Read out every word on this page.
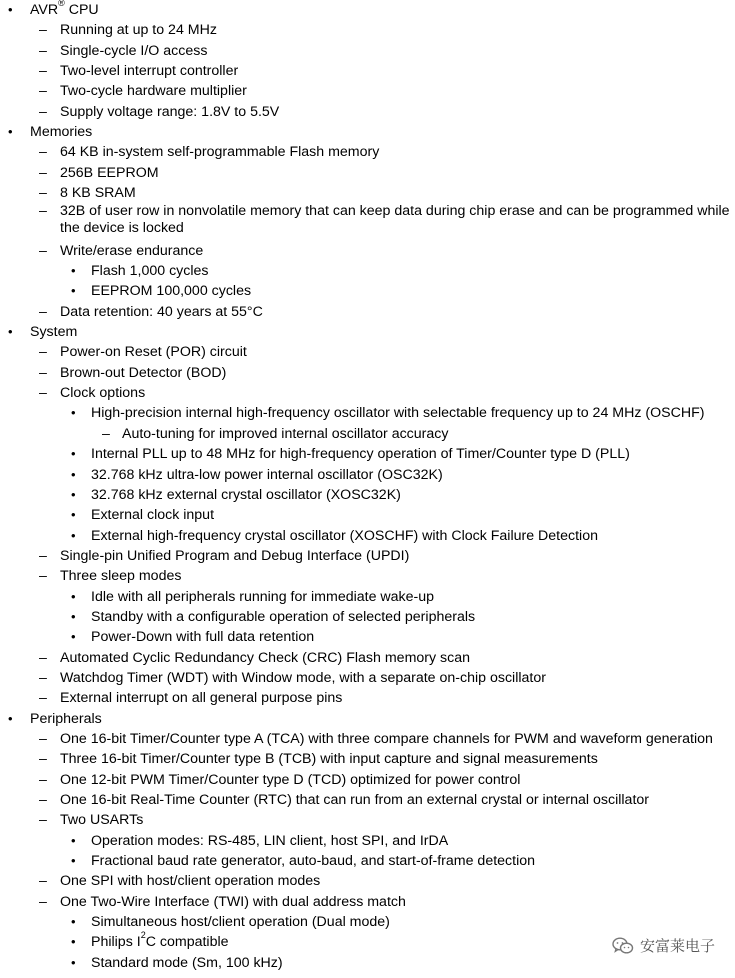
• AVR® CPU
– Running at up to 24 MHz
– Single-cycle I/O access
– Two-level interrupt controller
– Two-cycle hardware multiplier
– Supply voltage range: 1.8V to 5.5V
• Memories
– 64 KB in-system self-programmable Flash memory
– 256B EEPROM
– 8 KB SRAM
– 32B of user row in nonvolatile memory that can keep data during chip erase and can be programmed while
the device is locked
– Write/erase endurance
• Flash 1,000 cycles
• EEPROM 100,000 cycles
– Data retention: 40 years at 55°C
• System
– Power-on Reset (POR) circuit
– Brown-out Detector (BOD)
– Clock options
• High-precision internal high-frequency oscillator with selectable frequency up to 24 MHz (OSCHF)
– Auto-tuning for improved internal oscillator accuracy
• Internal PLL up to 48 MHz for high-frequency operation of Timer/Counter type D (PLL)
• 32.768 kHz ultra-low power internal oscillator (OSC32K)
• 32.768 kHz external crystal oscillator (XOSC32K)
• External clock input
• External high-frequency crystal oscillator (XOSCHF) with Clock Failure Detection
– Single-pin Unified Program and Debug Interface (UPDI)
– Three sleep modes
• Idle with all peripherals running for immediate wake-up
• Standby with a configurable operation of selected peripherals
• Power-Down with full data retention
– Automated Cyclic Redundancy Check (CRC) Flash memory scan
– Watchdog Timer (WDT) with Window mode, with a separate on-chip oscillator
– External interrupt on all general purpose pins
• Peripherals
– One 16-bit Timer/Counter type A (TCA) with three compare channels for PWM and waveform generation
– Three 16-bit Timer/Counter type B (TCB) with input capture and signal measurements
– One 12-bit PWM Timer/Counter type D (TCD) optimized for power control
– One 16-bit Real-Time Counter (RTC) that can run from an external crystal or internal oscillator
– Two USARTs
• Operation modes: RS-485, LIN client, host SPI, and IrDA
• Fractional baud rate generator, auto-baud, and start-of-frame detection
– One SPI with host/client operation modes
– One Two-Wire Interface (TWI) with dual address match
• Simultaneous host/client operation (Dual mode)
• Philips $I^2C$ compatible
• Standard mode (Sm, 100 kHz)
安富莱电子
